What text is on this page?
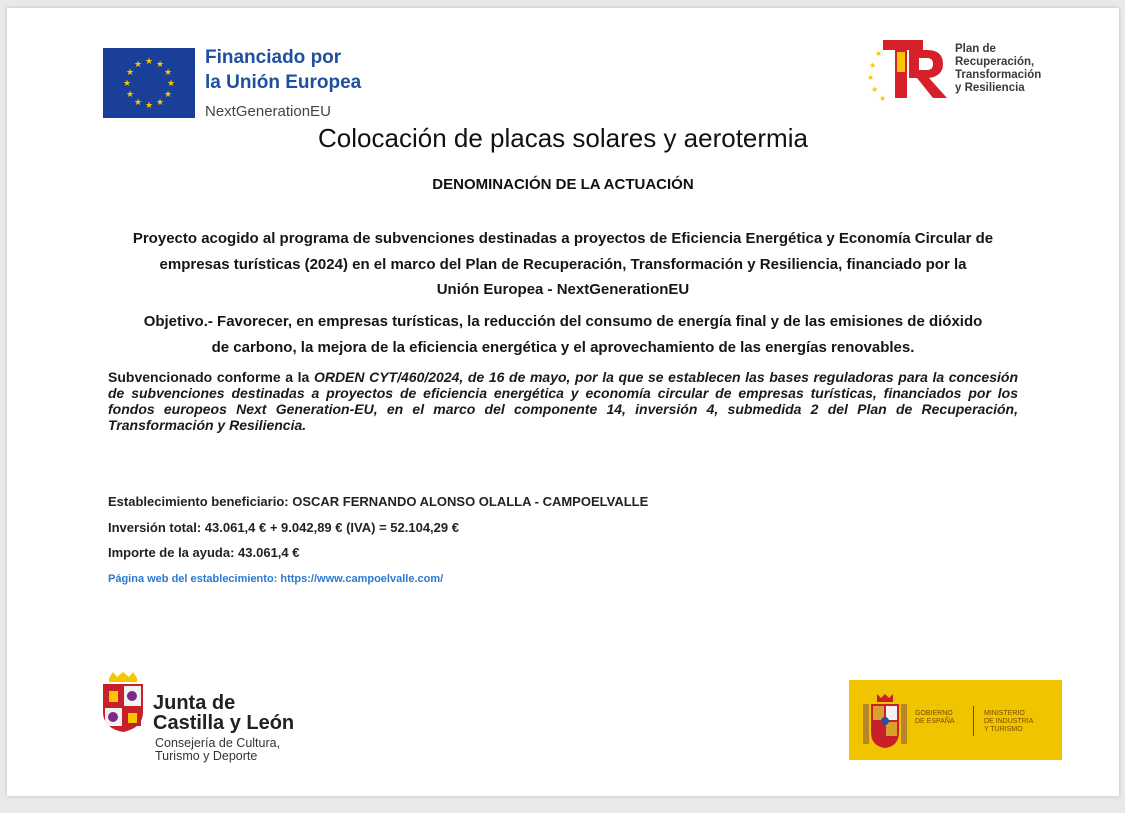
★ ★
★
★
★
★
★
★
★
★
★
★	Financiado por
la Unión Europea
NextGenerationEU
★
★
★
★
★
Plan de
Recuperación,
Transformación
y Resiliencia
Colocación de placas solares y aerotermia
DENOMINACIÓN DE LA ACTUACIÓN
Proyecto acogido al programa de subvenciones destinadas a proyectos de Eficiencia Energética y Economía Circular de
empresas turísticas (2024) en el marco del Plan de Recuperación, Transformación y Resiliencia, financiado por la
Unión Europea - NextGenerationEU
Objetivo.- Favorecer, en empresas turísticas, la reducción del consumo de energía final y de las emisiones de dióxido
de carbono, la mejora de la eficiencia energética y el aprovechamiento de las energías renovables.
Subvencionado conforme a la ORDEN CYT/460/2024, de 16 de mayo, por la que se establecen las bases reguladoras para la concesión de subvenciones destinadas a proyectos de eficiencia energética y economía circular de empresas turísticas, financiados por los fondos europeos Next Generation-EU, en el marco del componente 14, inversión 4, submedida 2 del Plan de Recuperación, Transformación y Resiliencia.
Establecimiento beneficiario: OSCAR FERNANDO ALONSO OLALLA - CAMPOELVALLE
Inversión total: 43.061,4 € + 9.042,89 € (IVA) = 52.104,29 €
Importe de la ayuda: 43.061,4 €
Página web del establecimiento: https://www.campoelvalle.com/
Junta de
Castilla y León
Consejería de Cultura,
Turismo y Deporte
GOBIERNO
DE ESPAÑA
MINISTERIO
DE INDUSTRIA
Y TURISMO
